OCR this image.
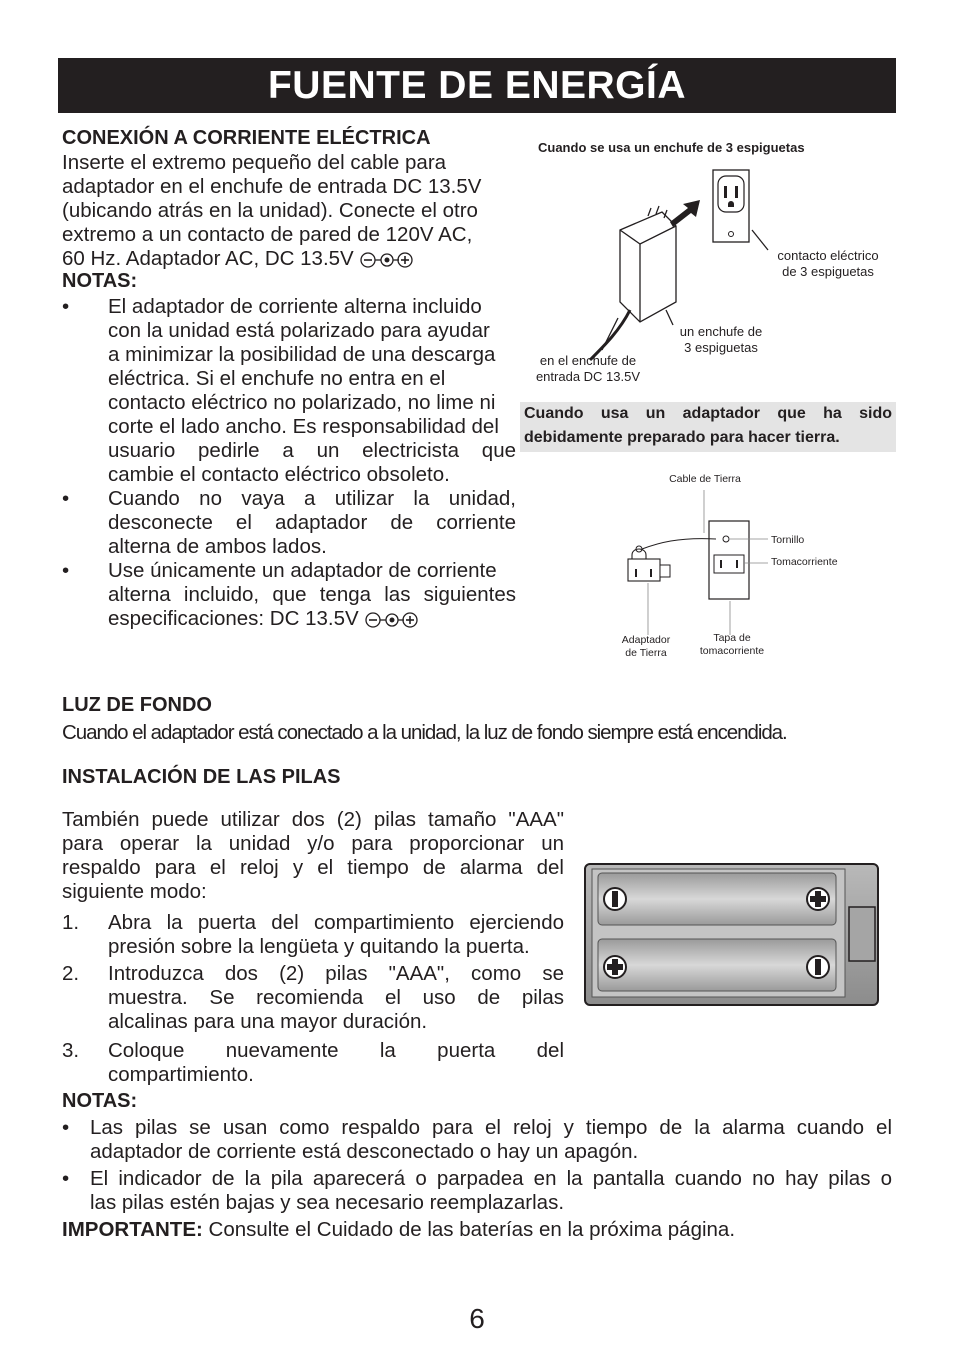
FUENTE DE ENERGÍA
CONEXIÓN A CORRIENTE ELÉCTRICA
Inserte el extremo pequeño del cable para
adaptador en el enchufe de entrada DC 13.5V
(ubicando atrás en la unidad). Conecte el otro
extremo a un contacto de pared de 120V AC,
60 Hz. Adaptador AC, DC 13.5V
NOTAS:
• El adaptador de corriente alterna incluido
con la unidad está polarizado para ayudar
a minimizar la posibilidad de una descarga
eléctrica. Si el enchufe no entra en el
contacto eléctrico no polarizado, no lime ni
corte el lado ancho. Es responsabilidad del
usuario pedirle a un electricista que
cambie el contacto eléctrico obsoleto.
• Cuando no vaya a utilizar la unidad,
desconecte el adaptador de corriente
alterna de ambos lados.
• Use únicamente un adaptador de corriente
alterna incluido, que tenga las siguientes
especificaciones: DC 13.5V
Cuando se usa un enchufe de 3 espiguetas
contacto eléctrico
de 3 espiguetas
un enchufe de
3 espiguetas
en el enchufe de
entrada DC 13.5V
Cuando usa un adaptador que ha sido
debidamente preparado para hacer tierra.
Cable de Tierra
Tornillo
Tomacorriente
Adaptador
de Tierra
Tapa de
tomacorriente
LUZ DE FONDO
Cuando el adaptador está conectado a la unidad, la luz de fondo siempre está encendida.
INSTALACIÓN DE LAS PILAS
También puede utilizar dos (2) pilas tamaño "AAA"
para operar la unidad y/o para proporcionar un
respaldo para el reloj y el tiempo de alarma del
siguiente modo:
1. Abra la puerta del compartimiento ejerciendo
presión sobre la lengüeta y quitando la puerta.
2. Introduzca dos (2) pilas "AAA", como se
muestra. Se recomienda el uso de pilas
alcalinas para una mayor duración.
3. Coloque nuevamente la puerta del
compartimiento.
NOTAS:
• Las pilas se usan como respaldo para el reloj y tiempo de la alarma cuando el
adaptador de corriente está desconectado o hay un apagón.
• El indicador de la pila aparecerá o parpadea en la pantalla cuando no hay pilas o
las pilas estén bajas y sea necesario reemplazarlas.
IMPORTANTE: Consulte el Cuidado de las baterías en la próxima página.
6
